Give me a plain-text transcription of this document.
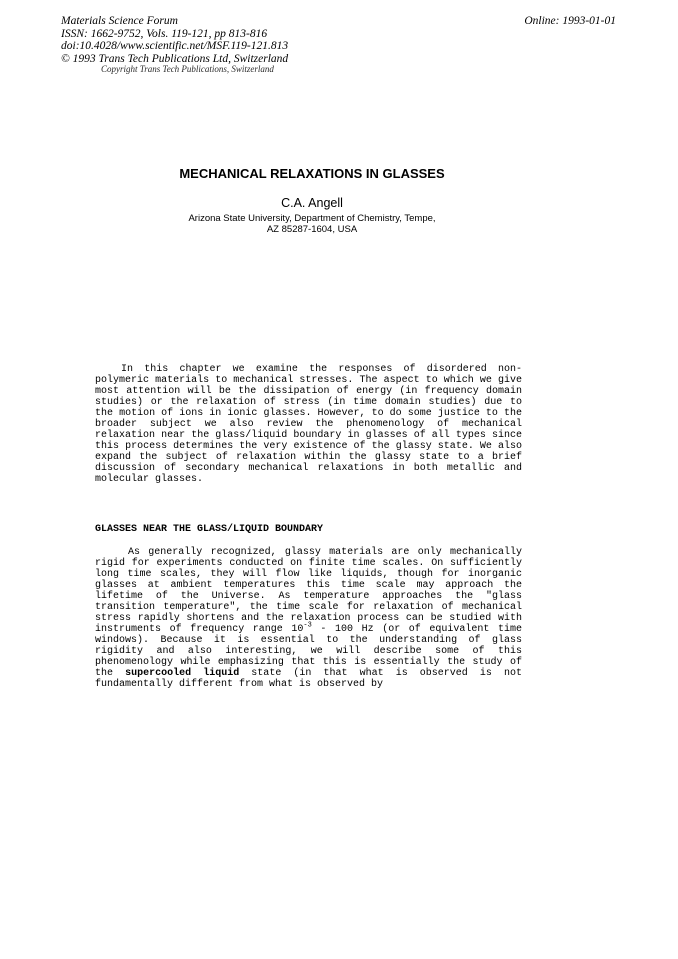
Materials Science Forum
ISSN: 1662-9752, Vols. 119-121, pp 813-816
doi:10.4028/www.scientific.net/MSF.119-121.813
© 1993 Trans Tech Publications Ltd, Switzerland
Copyright Trans Tech Publications, Switzerland
Online: 1993-01-01
MECHANICAL RELAXATIONS IN GLASSES
C.A. Angell
Arizona State University, Department of Chemistry, Tempe,
AZ 85287-1604, USA

In this chapter we examine the responses of disordered non-polymeric materials to mechanical stresses. The aspect to which we give most attention will be the dissipation of energy (in frequency domain studies) or the relaxation of stress (in time domain studies) due to the motion of ions in ionic glasses. However, to do some justice to the broader subject we also review the phenomenology of mechanical relaxation near the glass/liquid boundary in glasses of all types since this process determines the very existence of the glassy state. We also expand the subject of relaxation within the glassy state to a brief discussion of secondary mechanical relaxations in both metallic and molecular glasses.

GLASSES NEAR THE GLASS/LIQUID BOUNDARY

As generally recognized, glassy materials are only mechanically rigid for experiments conducted on finite time scales. On sufficiently long time scales, they will flow like liquids, though for inorganic glasses at ambient temperatures this time scale may approach the lifetime of the Universe. As temperature approaches the "glass transition temperature", the time scale for relaxation of mechanical stress rapidly shortens and the relaxation process can be studied with instruments of frequency range $10^{-3} - 100$ Hz (or of equivalent time windows). Because it is essential to the understanding of glass rigidity and also interesting, we will describe some of this phenomenology while emphasizing that this is essentially the study of the supercooled liquid state (in that what is observed is not fundamentally different from what is observed by
